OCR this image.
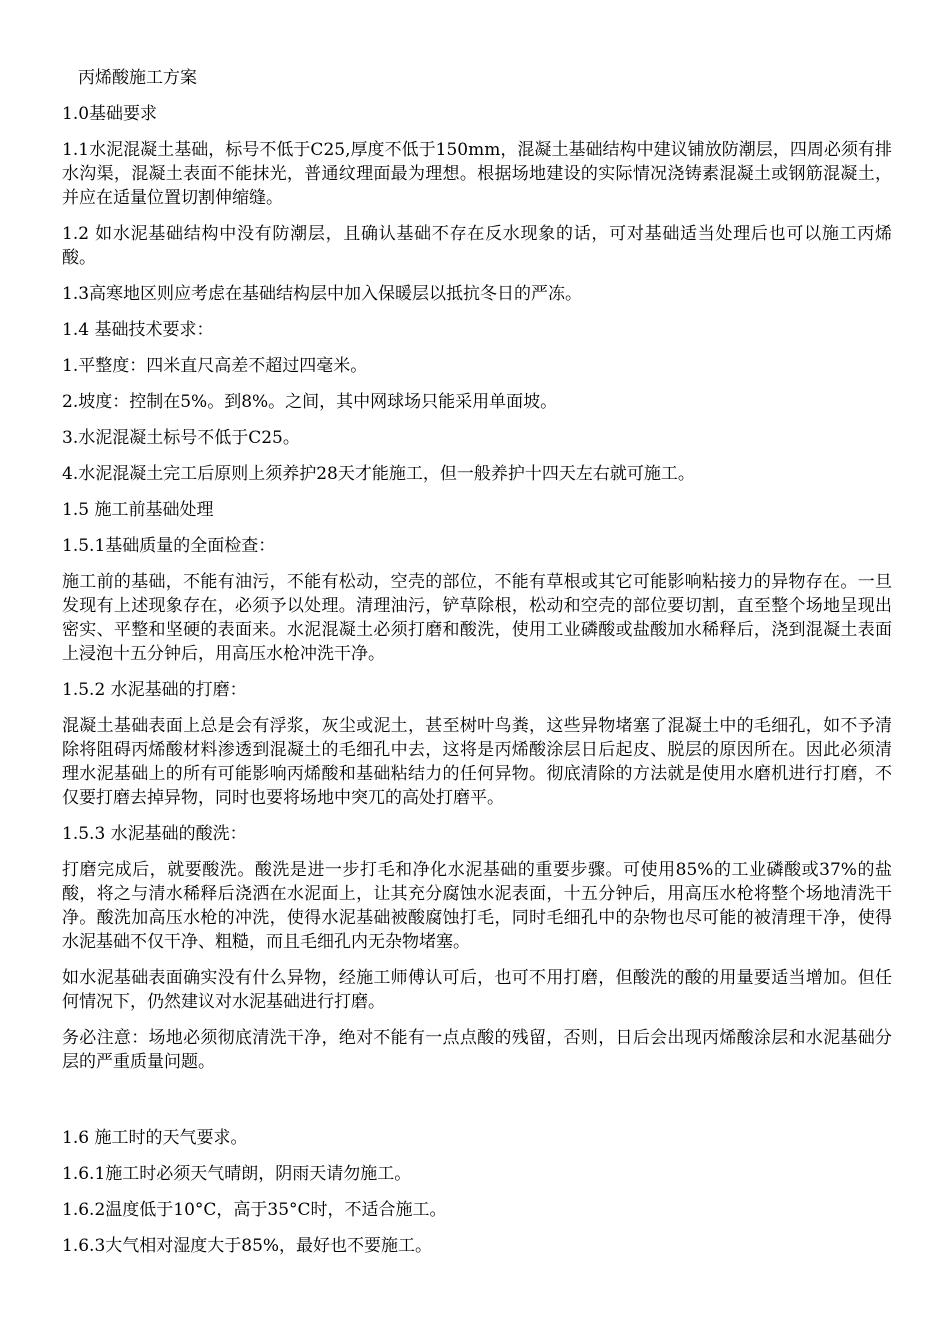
丙烯酸施工方案

1.0基础要求

1.1水泥混凝土基础，标号不低于C25,厚度不低于150mm，混凝土基础结构中建议铺放防潮层，四周必须有排水沟渠，混凝土表面不能抹光，普通纹理面最为理想。根据场地建设的实际情况浇铸素混凝土或钢筋混凝土，并应在适量位置切割伸缩缝。

1.2 如水泥基础结构中没有防潮层，且确认基础不存在反水现象的话，可对基础适当处理后也可以施工丙烯酸。

1.3高寒地区则应考虑在基础结构层中加入保暖层以抵抗冬日的严冻。

1.4 基础技术要求：

1.平整度：四米直尺高差不超过四毫米。

2.坡度：控制在5%。到8%。之间，其中网球场只能采用单面坡。

3.水泥混凝土标号不低于C25。

4.水泥混凝土完工后原则上须养护28天才能施工，但一般养护十四天左右就可施工。

1.5 施工前基础处理

1.5.1基础质量的全面检查：

施工前的基础，不能有油污，不能有松动，空壳的部位，不能有草根或其它可能影响粘接力的异物存在。一旦发现有上述现象存在，必须予以处理。清理油污，铲草除根，松动和空壳的部位要切割，直至整个场地呈现出密实、平整和坚硬的表面来。水泥混凝土必须打磨和酸洗，使用工业磷酸或盐酸加水稀释后，浇到混凝土表面上浸泡十五分钟后，用高压水枪冲洗干净。

1.5.2 水泥基础的打磨：

混凝土基础表面上总是会有浮浆，灰尘或泥土，甚至树叶鸟粪，这些异物堵塞了混凝土中的毛细孔，如不予清除将阻碍丙烯酸材料渗透到混凝土的毛细孔中去，这将是丙烯酸涂层日后起皮、脱层的原因所在。因此必须清理水泥基础上的所有可能影响丙烯酸和基础粘结力的任何异物。彻底清除的方法就是使用水磨机进行打磨，不仅要打磨去掉异物，同时也要将场地中突兀的高处打磨平。

1.5.3 水泥基础的酸洗：

打磨完成后，就要酸洗。酸洗是进一步打毛和净化水泥基础的重要步骤。可使用85%的工业磷酸或37%的盐酸，将之与清水稀释后浇洒在水泥面上，让其充分腐蚀水泥表面，十五分钟后，用高压水枪将整个场地清洗干净。酸洗加高压水枪的冲洗，使得水泥基础被酸腐蚀打毛，同时毛细孔中的杂物也尽可能的被清理干净，使得水泥基础不仅干净、粗糙，而且毛细孔内无杂物堵塞。

如水泥基础表面确实没有什么异物，经施工师傅认可后，也可不用打磨，但酸洗的酸的用量要适当增加。但任何情况下，仍然建议对水泥基础进行打磨。

务必注意：场地必须彻底清洗干净，绝对不能有一点点酸的残留，否则，日后会出现丙烯酸涂层和水泥基础分层的严重质量问题。

1.6 施工时的天气要求。

1.6.1施工时必须天气晴朗，阴雨天请勿施工。

1.6.2温度低于10°C，高于35°C时，不适合施工。

1.6.3大气相对湿度大于85%，最好也不要施工。
